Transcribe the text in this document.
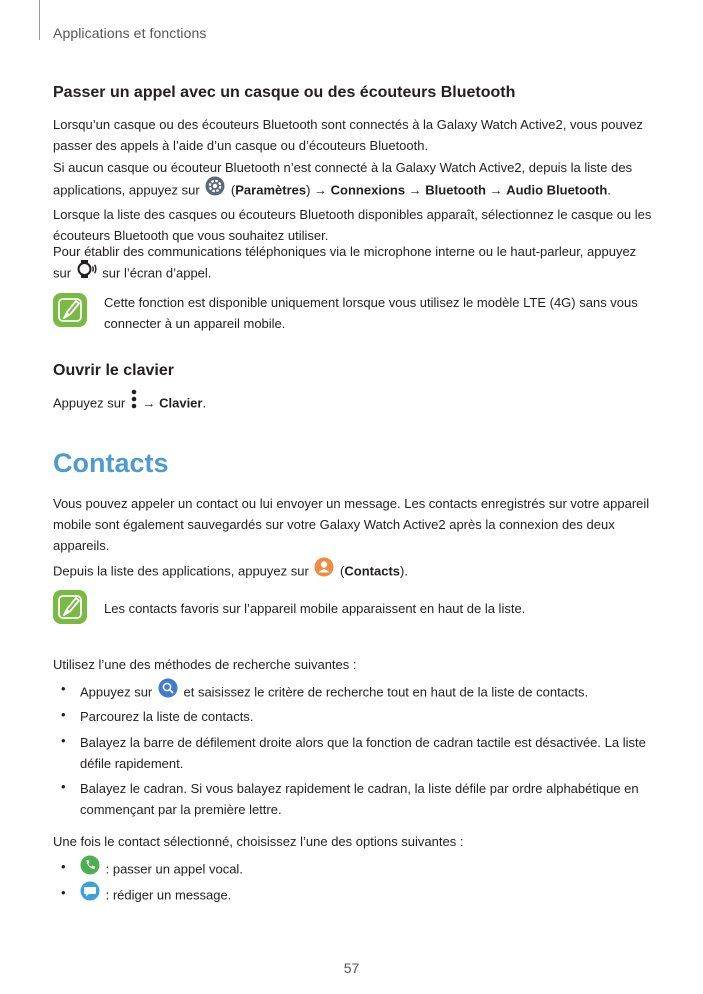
Applications et fonctions
Passer un appel avec un casque ou des écouteurs Bluetooth
Lorsqu’un casque ou des écouteurs Bluetooth sont connectés à la Galaxy Watch Active2, vous pouvez passer des appels à l’aide d’un casque ou d’écouteurs Bluetooth.
Si aucun casque ou écouteur Bluetooth n’est connecté à la Galaxy Watch Active2, depuis la liste des applications, appuyez sur  (Paramètres) → Connexions → Bluetooth → Audio Bluetooth. Lorsque la liste des casques ou écouteurs Bluetooth disponibles apparaît, sélectionnez le casque ou les écouteurs Bluetooth que vous souhaitez utiliser.
Pour établir des communications téléphoniques via le microphone interne ou le haut-parleur, appuyez sur  sur l’écran d’appel.
Cette fonction est disponible uniquement lorsque vous utilisez le modèle LTE (4G) sans vous connecter à un appareil mobile.
Ouvrir le clavier
Appuyez sur  → Clavier.
Contacts
Vous pouvez appeler un contact ou lui envoyer un message. Les contacts enregistrés sur votre appareil mobile sont également sauvegardés sur votre Galaxy Watch Active2 après la connexion des deux appareils.
Depuis la liste des applications, appuyez sur  (Contacts).
Les contacts favoris sur l’appareil mobile apparaissent en haut de la liste.
Utilisez l’une des méthodes de recherche suivantes :
• Appuyez sur  et saisissez le critère de recherche tout en haut de la liste de contacts.
• Parcourez la liste de contacts.
• Balayez la barre de défilement droite alors que la fonction de cadran tactile est désactivée. La liste défile rapidement.
• Balayez le cadran. Si vous balayez rapidement le cadran, la liste défile par ordre alphabétique en commençant par la première lettre.
Une fois le contact sélectionné, choisissez l’une des options suivantes :
•	: passer un appel vocal.
•	: rédiger un message.
57
